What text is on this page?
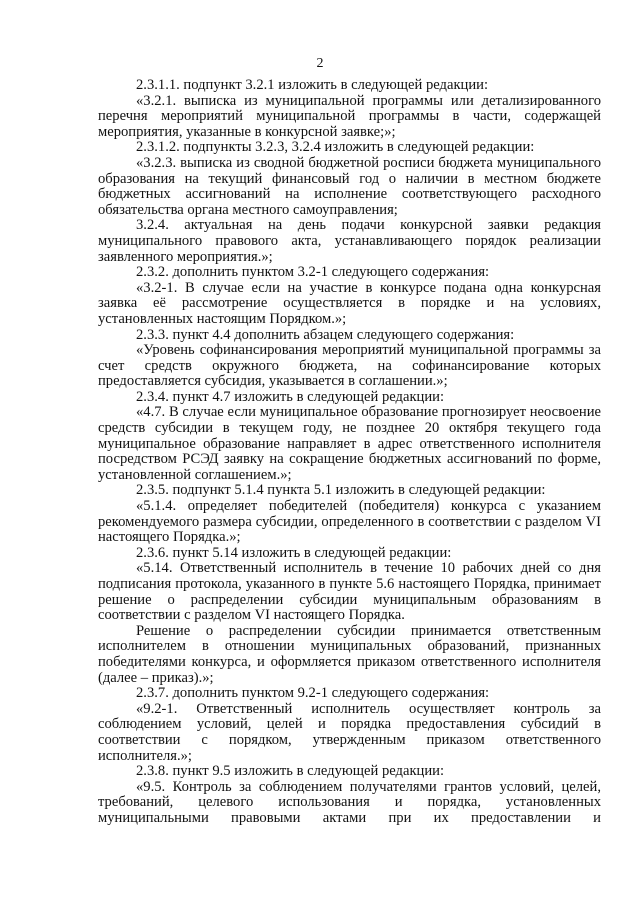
2

2.3.1.1. подпункт 3.2.1 изложить в следующей редакции:

«3.2.1. выписка из муниципальной программы или детализированного перечня мероприятий муниципальной программы в части, содержащей мероприятия, указанные в конкурсной заявке;»;

2.3.1.2. подпункты 3.2.3, 3.2.4 изложить в следующей редакции:

«3.2.3. выписка из сводной бюджетной росписи бюджета муниципального образования на текущий финансовый год о наличии в местном бюджете бюджетных ассигнований на исполнение соответствующего расходного обязательства органа местного самоуправления;

3.2.4. актуальная на день подачи конкурсной заявки редакция муниципального правового акта, устанавливающего порядок реализации заявленного мероприятия.»;

2.3.2. дополнить пунктом 3.2-1 следующего содержания:

«3.2-1. В случае если на участие в конкурсе подана одна конкурсная заявка её рассмотрение осуществляется в порядке и на условиях, установленных настоящим Порядком.»;

2.3.3. пункт 4.4 дополнить абзацем следующего содержания:

«Уровень софинансирования мероприятий муниципальной программы за счет средств окружного бюджета, на софинансирование которых предоставляется субсидия, указывается в соглашении.»;

2.3.4. пункт 4.7 изложить в следующей редакции:

«4.7. В случае если муниципальное образование прогнозирует неосвоение средств субсидии в текущем году, не позднее 20 октября текущего года муниципальное образование направляет в адрес ответственного исполнителя посредством РСЭД заявку на сокращение бюджетных ассигнований по форме, установленной соглашением.»;

2.3.5. подпункт 5.1.4 пункта 5.1 изложить в следующей редакции:

«5.1.4. определяет победителей (победителя) конкурса с указанием рекомендуемого размера субсидии, определенного в соответствии с разделом VI настоящего Порядка.»;

2.3.6. пункт 5.14 изложить в следующей редакции:

«5.14. Ответственный исполнитель в течение 10 рабочих дней со дня подписания протокола, указанного в пункте 5.6 настоящего Порядка, принимает решение о распределении субсидии муниципальным образованиям в соответствии с разделом VI настоящего Порядка.

Решение о распределении субсидии принимается ответственным исполнителем в отношении муниципальных образований, признанных победителями конкурса, и оформляется приказом ответственного исполнителя (далее – приказ).»;

2.3.7. дополнить пунктом 9.2-1 следующего содержания:

«9.2-1. Ответственный исполнитель осуществляет контроль за соблюдением условий, целей и порядка предоставления субсидий в соответствии с порядком, утвержденным приказом ответственного исполнителя.»;

2.3.8. пункт 9.5 изложить в следующей редакции:

«9.5. Контроль за соблюдением получателями грантов условий, целей, требований, целевого использования и порядка, установленных муниципальными правовыми актами при их предоставлении и
